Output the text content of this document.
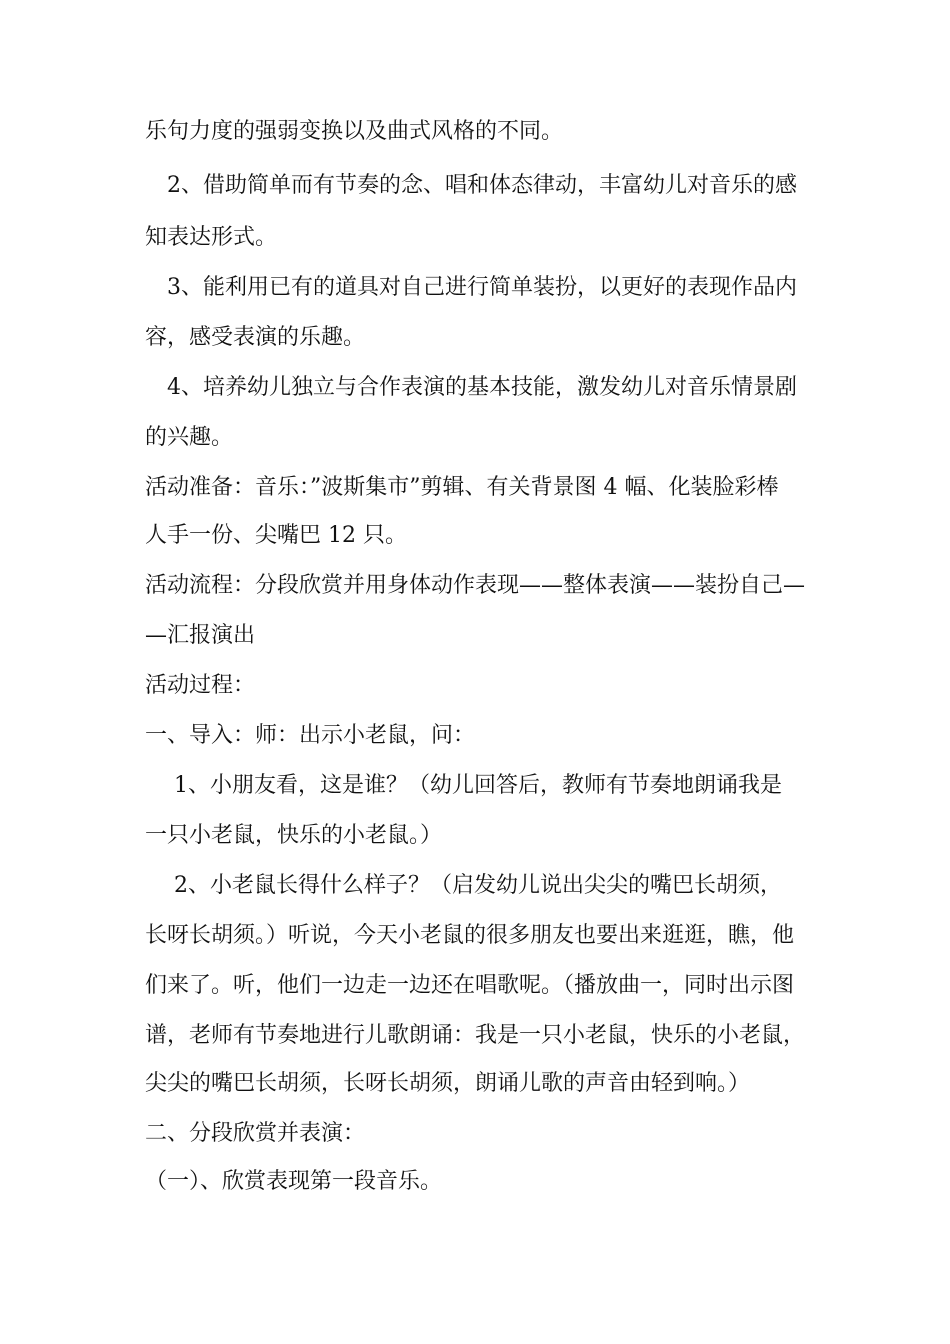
乐句力度的强弱变换以及曲式风格的不同。
　2、借助简单而有节奏的念、唱和体态律动，丰富幼儿对音乐的感
知表达形式。
　3、能利用已有的道具对自己进行简单装扮，以更好的表现作品内
容，感受表演的乐趣。
　4、培养幼儿独立与合作表演的基本技能，激发幼儿对音乐情景剧
的兴趣。
活动准备：音乐：”波斯集市”剪辑、有关背景图 4 幅、化装脸彩棒
人手一份、尖嘴巴 12 只。
活动流程：分段欣赏并用身体动作表现——整体表演——装扮自己—
—汇报演出
活动过程：
一、导入：师：出示小老鼠，问：
　 1、小朋友看，这是谁？（幼儿回答后，教师有节奏地朗诵我是
一只小老鼠，快乐的小老鼠。）
　 2、小老鼠长得什么样子？（启发幼儿说出尖尖的嘴巴长胡须，
长呀长胡须。）听说，今天小老鼠的很多朋友也要出来逛逛，瞧，他
们来了。听，他们一边走一边还在唱歌呢。（播放曲一，同时出示图
谱，老师有节奏地进行儿歌朗诵：我是一只小老鼠，快乐的小老鼠，
尖尖的嘴巴长胡须，长呀长胡须，朗诵儿歌的声音由轻到响。）
二、分段欣赏并表演：
（一）、欣赏表现第一段音乐。
